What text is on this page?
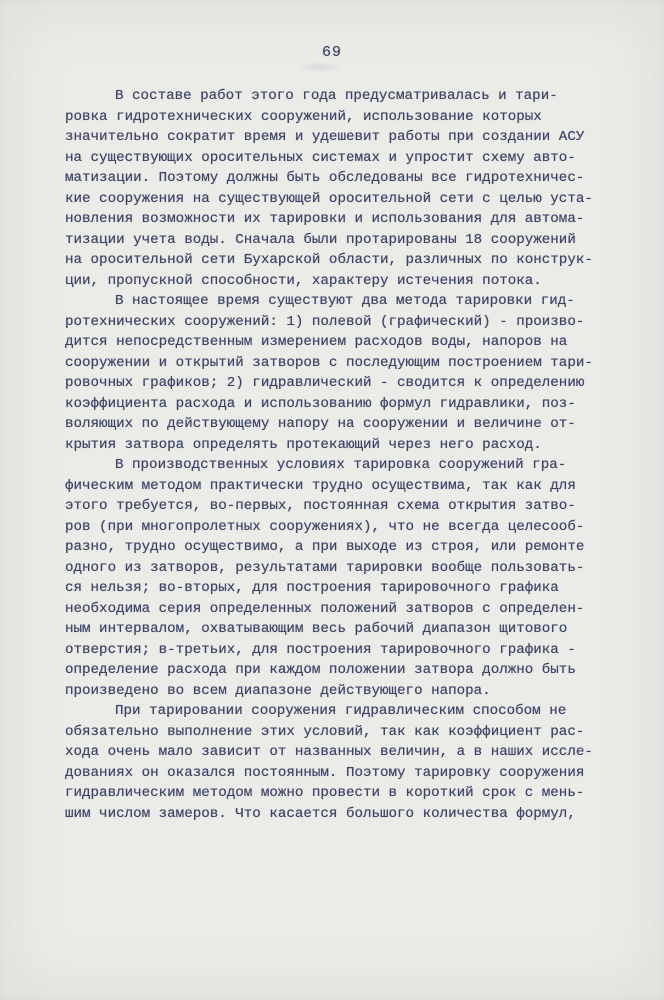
69
В составе работ этого года предусматривалась и тари-
ровка гидротехнических сооружений, использование которых
значительно сократит время и удешевит работы при создании АСУ
на существующих оросительных системах и упростит схему авто-
матизации. Поэтому должны быть обследованы все гидротехничес-
кие сооружения на существующей оросительной сети с целью уста-
новления возможности их тарировки и использования для автома-
тизации учета воды. Сначала были протарированы 18 сооружений
на оросительной сети Бухарской области, различных по конструк-
ции, пропускной способности, характеру истечения потока.
В настоящее время существуют два метода тарировки гид-
ротехнических сооружений: 1) полевой (графический) - произво-
дится непосредственным измерением расходов воды, напоров на
сооружении и открытий затворов с последующим построением тари-
ровочных графиков; 2) гидравлический - сводится к определению
коэффициента расхода и использованию формул гидравлики, поз-
воляющих по действующему напору на сооружении и величине от-
крытия затвора определять протекающий через него расход.
В производственных условиях тарировка сооружений гра-
фическим методом практически трудно осуществима, так как для
этого требуется, во-первых, постоянная схема открытия затво-
ров (при многопролетных сооружениях), что не всегда целесооб-
разно, трудно осуществимо, а при выходе из строя, или ремонте
одного из затворов, результатами тарировки вообще пользовать-
ся нельзя; во-вторых, для построения тарировочного графика
необходима серия определенных положений затворов с определен-
ным интервалом, охватывающим весь рабочий диапазон щитового
отверстия; в-третьих, для построения тарировочного графика -
определение расхода при каждом положении затвора должно быть
произведено во всем диапазоне действующего напора.
При тарировании сооружения гидравлическим способом не
обязательно выполнение этих условий, так как коэффициент рас-
хода очень мало зависит от названных величин, а в наших иссле-
дованиях он оказался постоянным. Поэтому тарировку сооружения
гидравлическим методом можно провести в короткий срок с мень-
шим числом замеров. Что касается большого количества формул,
